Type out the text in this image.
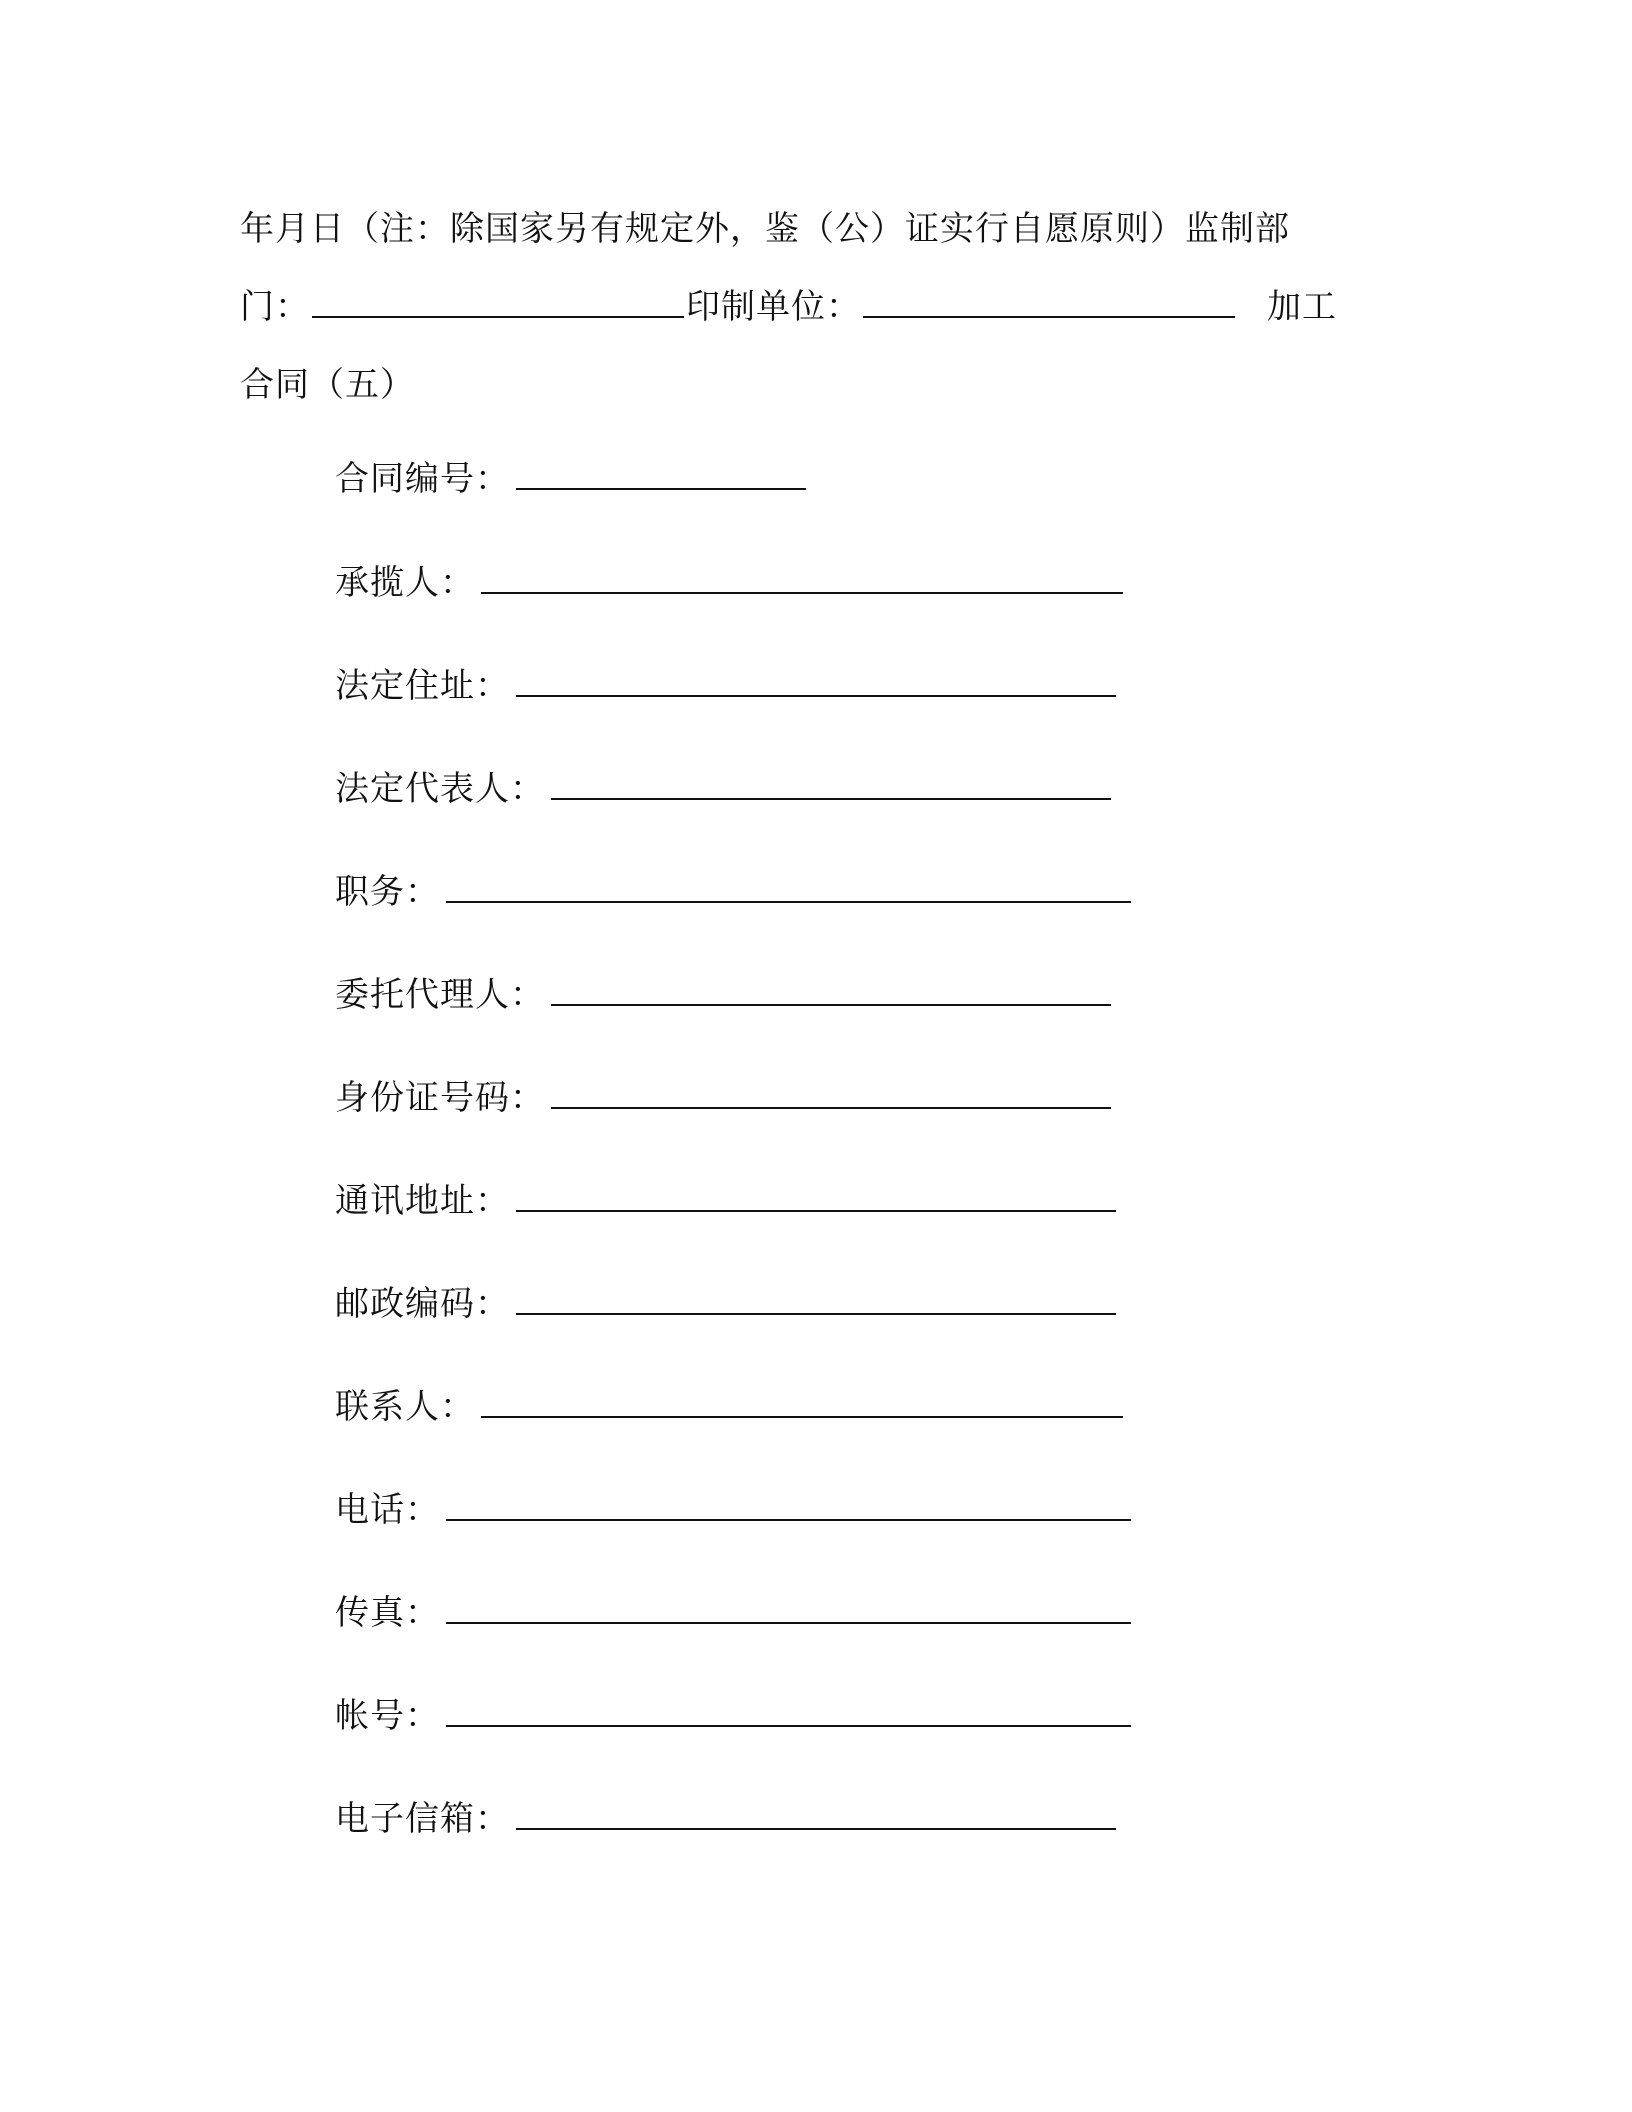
年月日（注：除国家另有规定外，鉴（公）证实行自愿原则）监制部
门：	印制单位：	加工
合同（五）
合同编号：
承揽人：
法定住址：
法定代表人：
职务：
委托代理人：
身份证号码：
通讯地址：
邮政编码：
联系人：
电话：
传真：
帐号：
电子信箱：
